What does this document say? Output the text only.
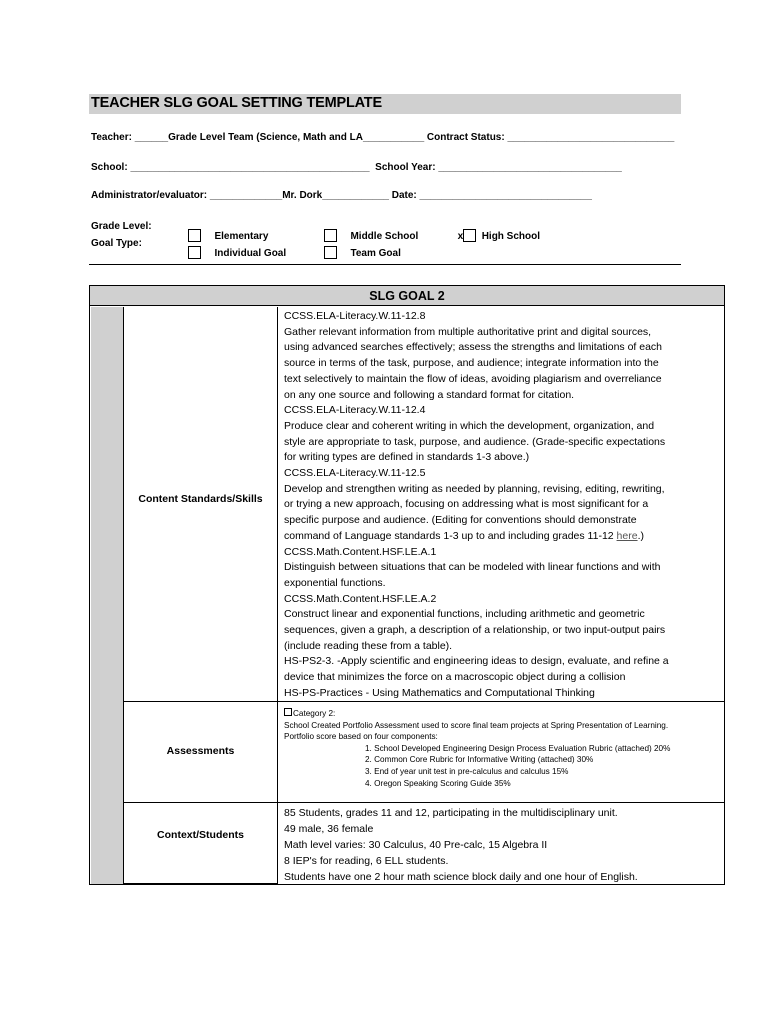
TEACHER SLG GOAL SETTING TEMPLATE
Teacher: ______Grade Level Team (Science, Math and LA___________ Contract Status: ______________________________
School: ___________________________________________  School Year: _________________________________
Administrator/evaluator: _____________Mr. Dork____________ Date: _______________________________
Grade Level:
Goal Type:

Elementary	Middle School	x High School

Individual Goal	Team Goal

SLG GOAL 2
Content Standards/Skills
CCSS.ELA-Literacy.W.11-12.8
Gather relevant information from multiple authoritative print and digital sources,
using advanced searches effectively; assess the strengths and limitations of each
source in terms of the task, purpose, and audience; integrate information into the
text selectively to maintain the flow of ideas, avoiding plagiarism and overreliance
on any one source and following a standard format for citation.
CCSS.ELA-Literacy.W.11-12.4
Produce clear and coherent writing in which the development, organization, and
style are appropriate to task, purpose, and audience. (Grade-specific expectations
for writing types are defined in standards 1-3 above.)
CCSS.ELA-Literacy.W.11-12.5
Develop and strengthen writing as needed by planning, revising, editing, rewriting,
or trying a new approach, focusing on addressing what is most significant for a
specific purpose and audience. (Editing for conventions should demonstrate
command of Language standards 1-3 up to and including grades 11-12 here.)
CCSS.Math.Content.HSF.LE.A.1
Distinguish between situations that can be modeled with linear functions and with
exponential functions.
CCSS.Math.Content.HSF.LE.A.2
Construct linear and exponential functions, including arithmetic and geometric
sequences, given a graph, a description of a relationship, or two input-output pairs
(include reading these from a table).
HS-PS2-3. -Apply scientific and engineering ideas to design, evaluate, and refine a
device that minimizes the force on a macroscopic object during a collision
HS-PS-Practices - Using Mathematics and Computational Thinking
Assessments
Category 2:
School Created Portfolio Assessment used to score final team projects at Spring Presentation of Learning.
Portfolio score based on four components:
1. School Developed Engineering Design Process Evaluation Rubric (attached) 20%
2. Common Core Rubric for Informative Writing (attached) 30%
3. End of year unit test in pre-calculus and calculus 15%
4. Oregon Speaking Scoring Guide 35%
Context/Students
85 Students, grades 11 and 12, participating in the multidisciplinary unit.
49 male, 36 female
Math level varies: 30 Calculus, 40 Pre-calc, 15 Algebra II
8 IEP's for reading, 6 ELL students.
Students have one 2 hour math science block daily and one hour of English.
